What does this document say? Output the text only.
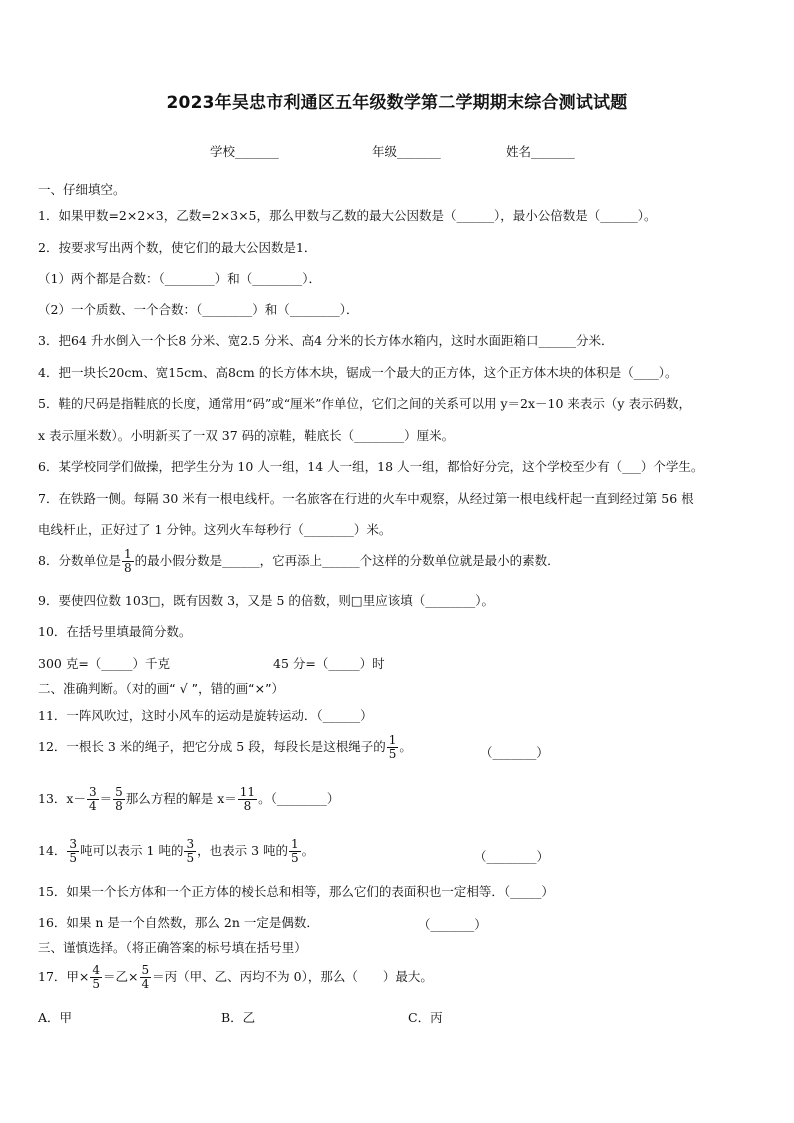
2023年吴忠市利通区五年级数学第二学期期末综合测试试题
学校_______	年级_______	姓名_______
一、仔细填空。
1．如果甲数=2×2×3，乙数=2×3×5，那么甲数与乙数的最大公因数是（______），最小公倍数是（______）。
2．按要求写出两个数，使它们的最大公因数是1．
（1）两个都是合数：（________）和（________）．
（2）一个质数、一个合数：（________）和（________）．
3．把64 升水倒入一个长8 分米、宽2.5 分米、高4 分米的长方体水箱内，这时水面距箱口______分米．
4．把一块长20cm、宽15cm、高8cm 的长方体木块，锯成一个最大的正方体，这个正方体木块的体积是（____）。
5．鞋的尺码是指鞋底的长度，通常用“码”或“厘米”作单位，它们之间的关系可以用 y＝2x－10 来表示（y 表示码数，
x 表示厘米数）。小明新买了一双 37 码的凉鞋，鞋底长（________）厘米。
6．某学校同学们做操，把学生分为 10 人一组，14 人一组，18 人一组，都恰好分完，这个学校至少有（___）个学生。
7．在铁路一侧。每隔 30 米有一根电线杆。一名旅客在行进的火车中观察，从经过第一根电线杆起一直到经过第 56 根
电线杆止，正好过了 1 分钟。这列火车每秒行（________）米。
8．分数单位是 $\frac{1}{8}$ 的最小假分数是______，它再添上______个这样的分数单位就是最小的素数．
9．要使四位数 103□，既有因数 3，又是 5 的倍数，则□里应该填（________）。
10．在括号里填最简分数。
300 克=（_____）千克	45 分=（_____）时
二、准确判断。（对的画“ √ ”，错的画“×”）
11．一阵风吹过，这时小风车的运动是旋转运动．（______）
12．一根长 3 米的绳子，把它分成 5 段，每段长是这根绳子的 $\frac{1}{5}$ 。	（_______）
13．$x- \frac{3}{4} = \frac{5}{8}$ 那么方程的解是 $x= \frac{11}{8}$ 。（________）
14． $\frac{3}{5}$ 吨可以表示 1 吨的 $\frac{3}{5}$ ，也表示 3 吨的 $\frac{1}{5}$ 。	（________）
15．如果一个长方体和一个正方体的棱长总和相等，那么它们的表面积也一定相等．（_____）
16．如果 n 是一个自然数，那么 2n 一定是偶数．	（_______）
三、谨慎选择。（将正确答案的标号填在括号里）
17．甲× $\frac{4}{5}$ ＝乙× $\frac{5}{4}$ ＝丙（甲、乙、丙均不为 0），那么（　　）最大。
A．甲	B．乙	C．丙
